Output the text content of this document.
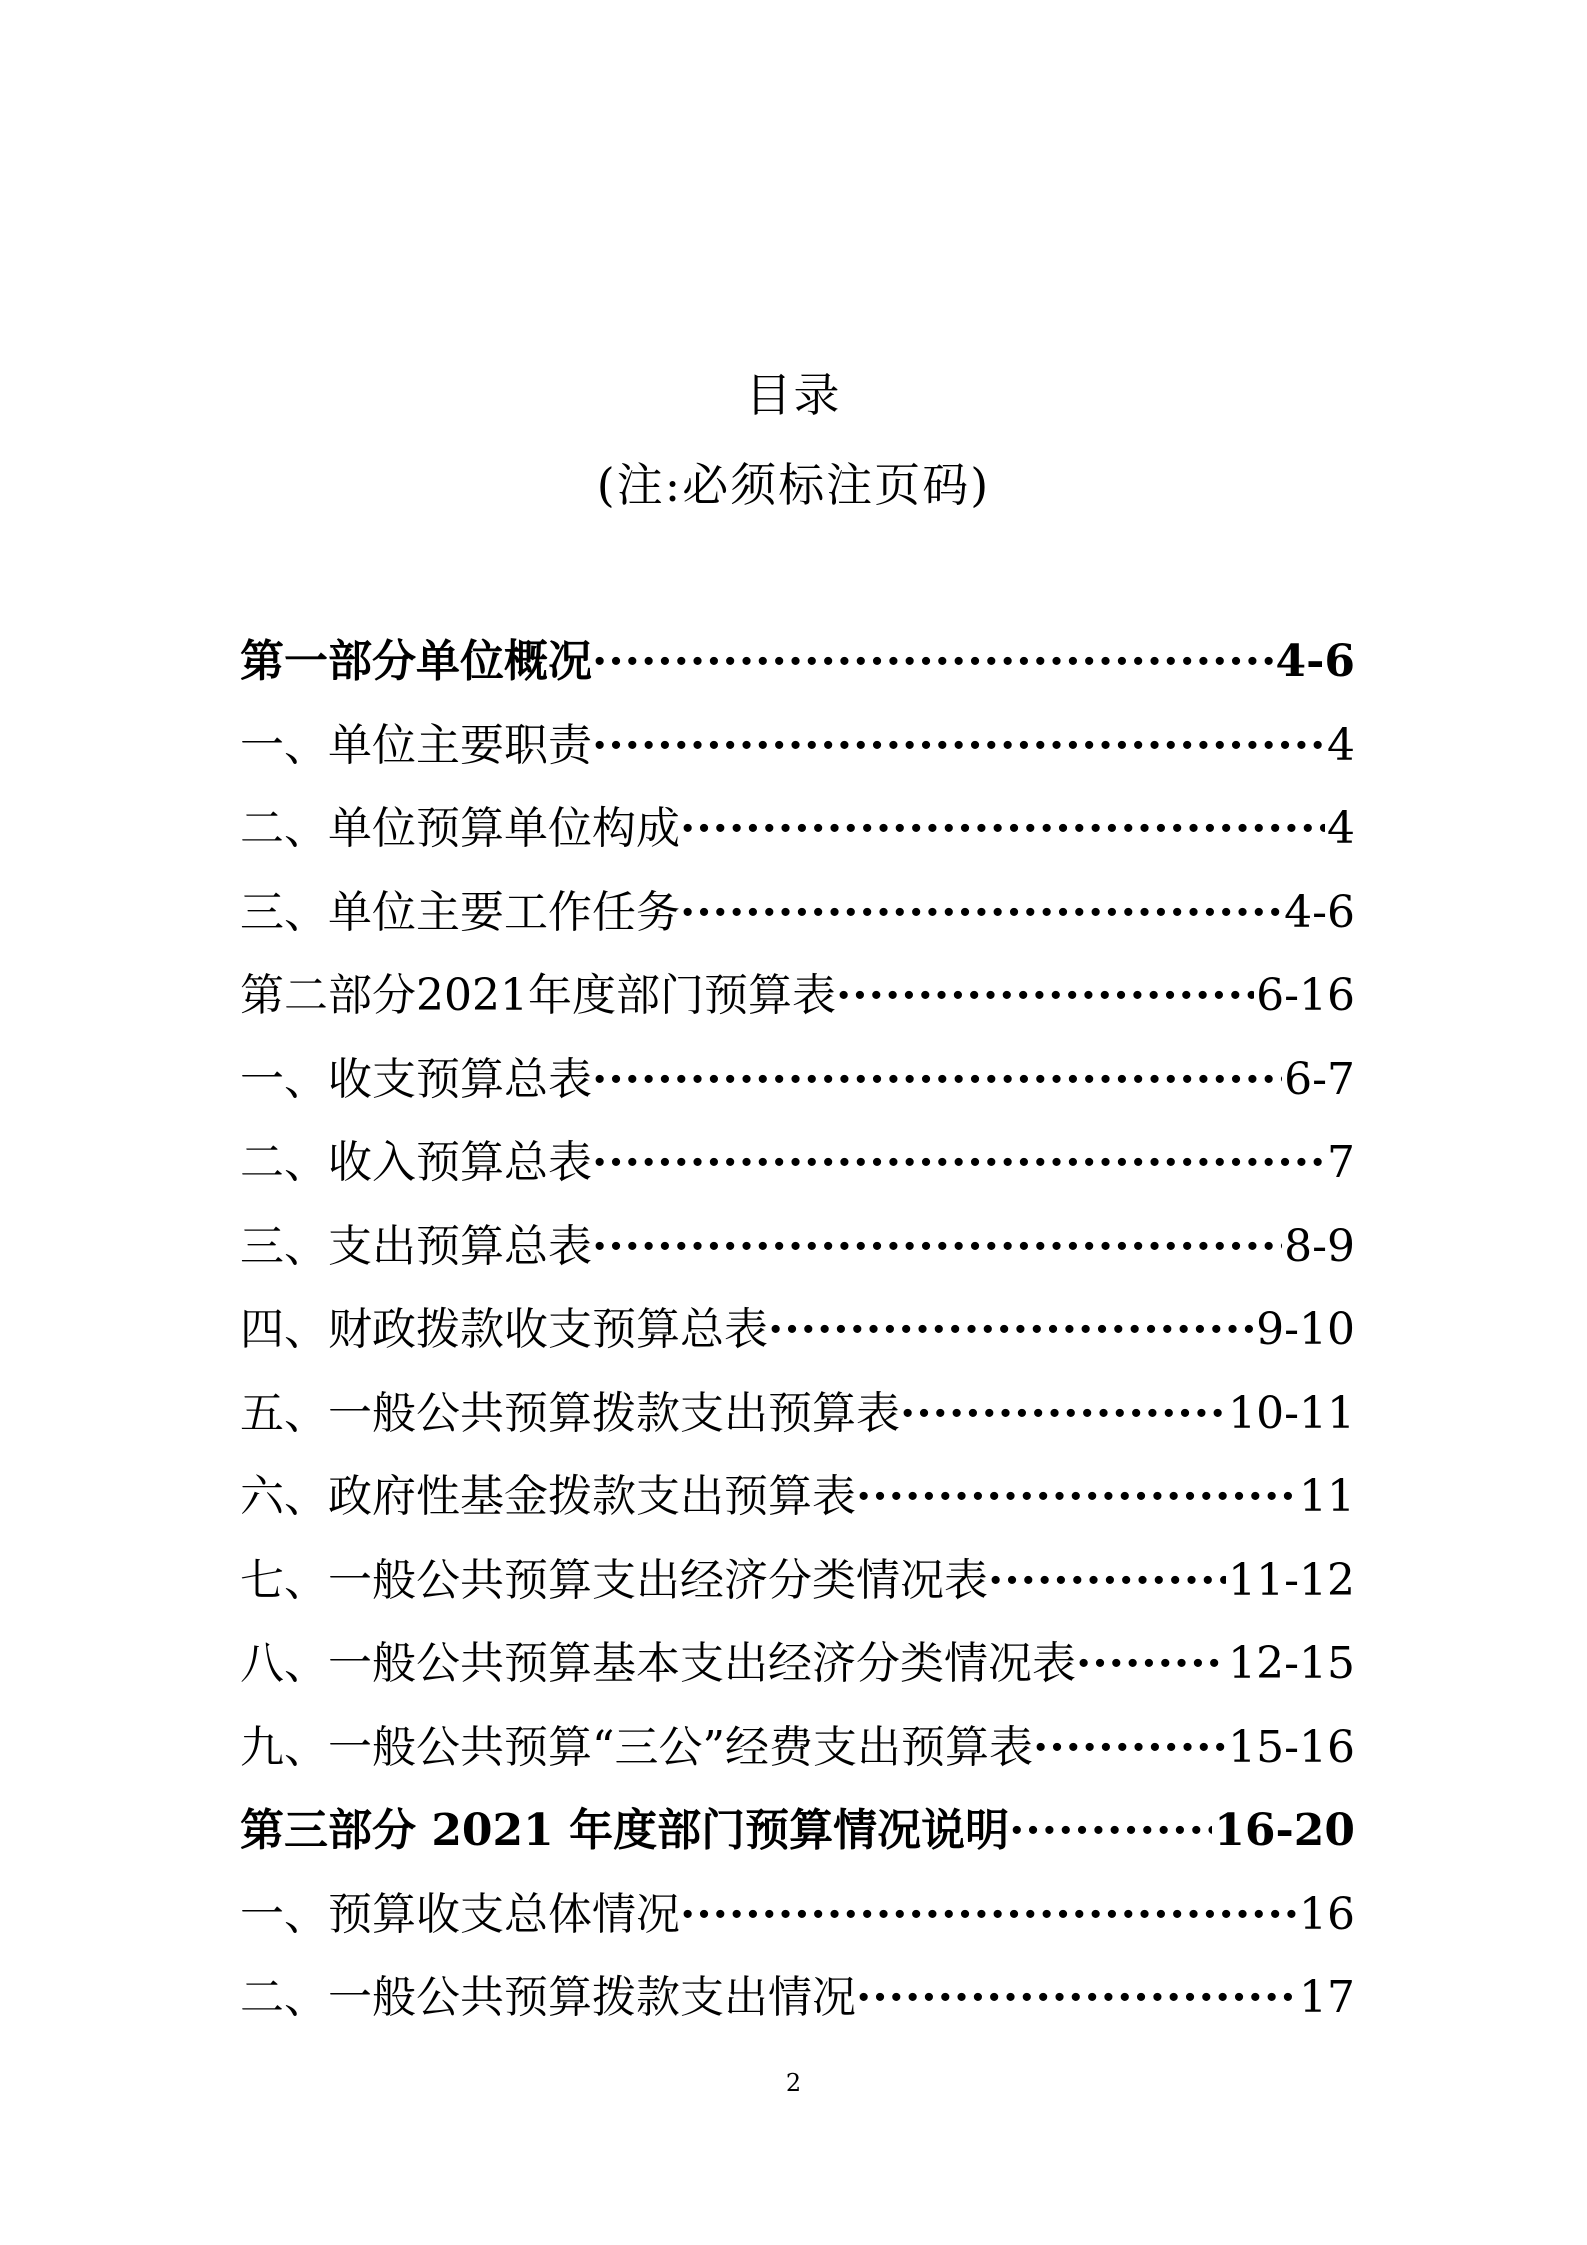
目录
(注:必须标注页码)
第一部分单位概况 ·····	4-6
一、单位主要职责 ·····	4
二、单位预算单位构成 ·····	4
三、单位主要工作任务 ·····	4-6
第二部分2021年度部门预算表 ·····	6-16
一、收支预算总表 ·····	6-7
二、收入预算总表 ·····	7
三、支出预算总表 ·····	8-9
四、财政拨款收支预算总表 ·····	9-10
五、一般公共预算拨款支出预算表 ·····	10-11
六、政府性基金拨款支出预算表 ·····	11
七、一般公共预算支出经济分类情况表 ·····	11-12
八、一般公共预算基本支出经济分类情况表 ·····	12-15
九、一般公共预算“三公”经费支出预算表 ·····	15-16
第三部分 2021 年度部门预算情况说明 ·····	16-20
一、预算收支总体情况 ·····	16
二、一般公共预算拨款支出情况 ·····	17
2
